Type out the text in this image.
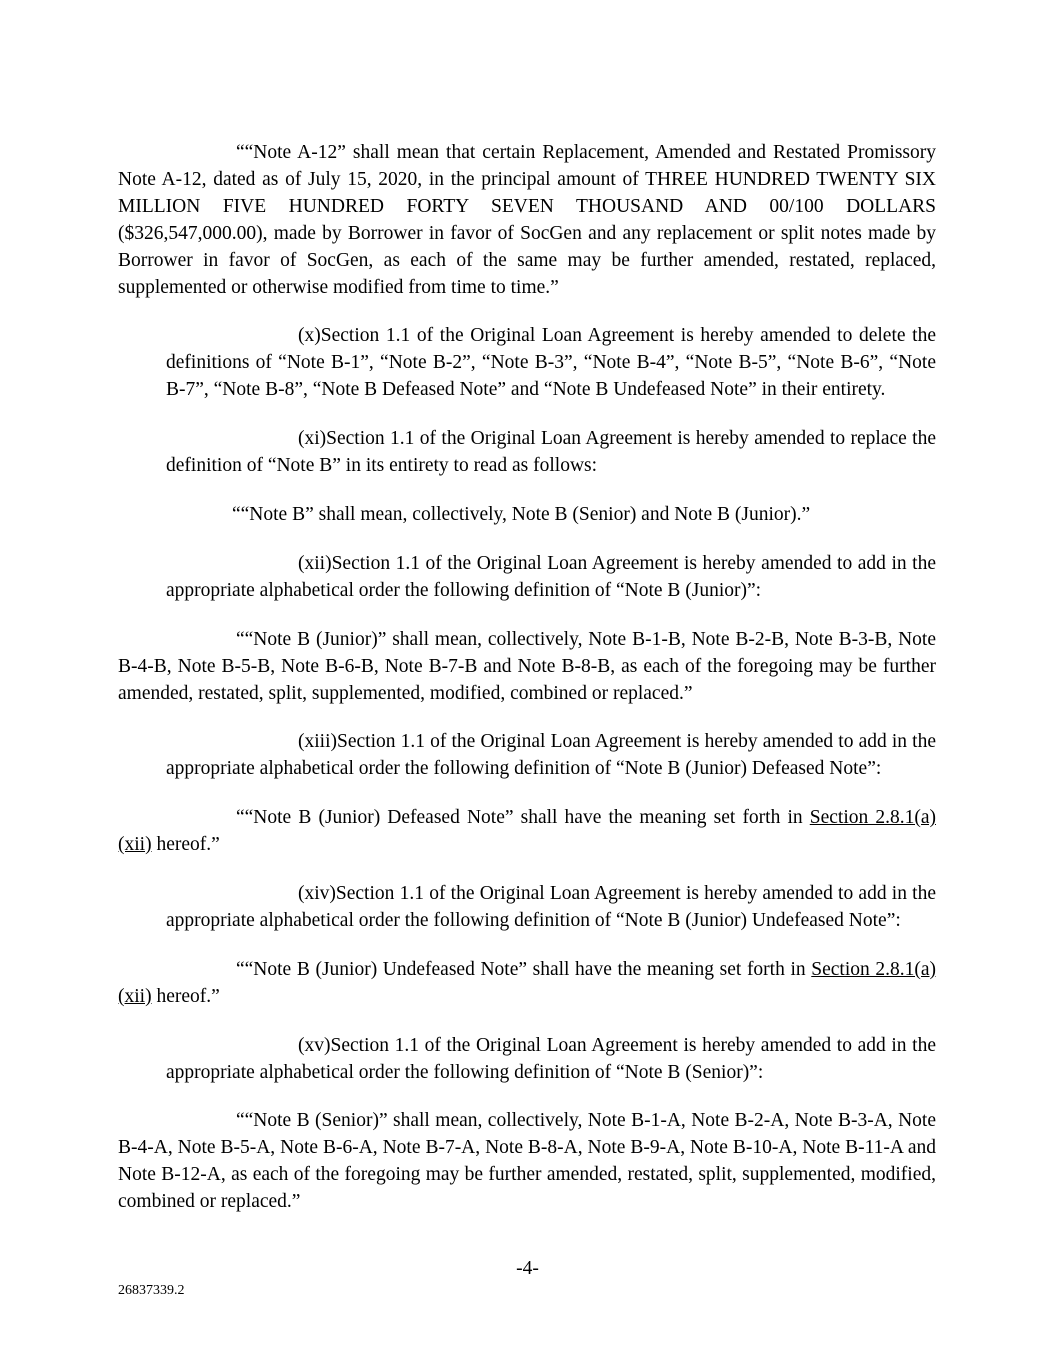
““Note A-12” shall mean that certain Replacement, Amended and Restated Promissory Note A-12, dated as of July 15, 2020, in the principal amount of THREE HUNDRED TWENTY SIX MILLION FIVE HUNDRED FORTY SEVEN THOUSAND AND 00/100 DOLLARS ($326,547,000.00), made by Borrower in favor of SocGen and any replacement or split notes made by Borrower in favor of SocGen, as each of the same may be further amended, restated, replaced, supplemented or otherwise modified from time to time.”

(x)Section 1.1 of the Original Loan Agreement is hereby amended to delete the definitions of “Note B-1”, “Note B-2”, “Note B-3”, “Note B-4”, “Note B-5”, “Note B-6”, “Note B-7”, “Note B-8”, “Note B Defeased Note” and “Note B Undefeased Note” in their entirety.

(xi)Section 1.1 of the Original Loan Agreement is hereby amended to replace the definition of “Note B” in its entirety to read as follows:

““Note B” shall mean, collectively, Note B (Senior) and Note B (Junior).”

(xii)Section 1.1 of the Original Loan Agreement is hereby amended to add in the appropriate alphabetical order the following definition of “Note B (Junior)”:

““Note B (Junior)” shall mean, collectively, Note B-1-B, Note B-2-B, Note B-3-B, Note B-4-B, Note B-5-B, Note B-6-B, Note B-7-B and Note B-8-B, as each of the foregoing may be further amended, restated, split, supplemented, modified, combined or replaced.”

(xiii)Section 1.1 of the Original Loan Agreement is hereby amended to add in the appropriate alphabetical order the following definition of “Note B (Junior) Defeased Note”:

““Note B (Junior) Defeased Note” shall have the meaning set forth in Section 2.8.1(a)(xii) hereof.”

(xiv)Section 1.1 of the Original Loan Agreement is hereby amended to add in the appropriate alphabetical order the following definition of “Note B (Junior) Undefeased Note”:

““Note B (Junior) Undefeased Note” shall have the meaning set forth in Section 2.8.1(a)(xii) hereof.”

(xv)Section 1.1 of the Original Loan Agreement is hereby amended to add in the appropriate alphabetical order the following definition of “Note B (Senior)”:

““Note B (Senior)” shall mean, collectively, Note B-1-A, Note B-2-A, Note B-3-A, Note B-4-A, Note B-5-A, Note B-6-A, Note B-7-A, Note B-8-A, Note B-9-A, Note B-10-A, Note B-11-A and Note B-12-A, as each of the foregoing may be further amended, restated, split, supplemented, modified, combined or replaced.”

-4-
26837339.2
